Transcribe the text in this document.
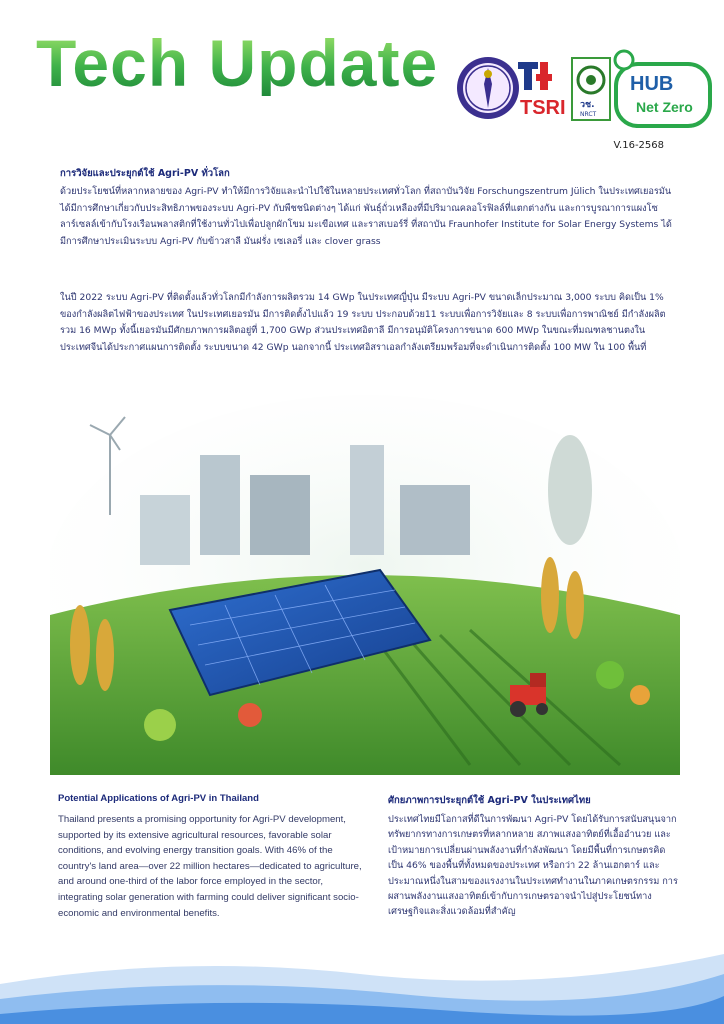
Tech Update
TSRI วช.
NRCT
HUB
Net Zero
V.16-2568
การวิจัยและประยุกต์ใช้ Agri-PV ทั่วโลก
ด้วยประโยชน์ที่หลากหลายของ Agri-PV ทำให้มีการวิจัยและนำไปใช้ในหลายประเทศทั่วโลก ที่สถาบันวิจัย Forschungszentrum Jülich ในประเทศเยอรมัน ได้มีการศึกษาเกี่ยวกับประสิทธิภาพของระบบ Agri-PV กับพืชชนิดต่างๆ ได้แก่ พันธุ์ถั่วเหลืองที่มีปริมาณคลอโรฟิลล์ที่แตกต่างกัน และการบูรณาการแผงโซลาร์เซลล์เข้ากับโรงเรือนพลาสติกที่ใช้งานทั่วไปเพื่อปลูกผักโขม มะเขือเทศ และราสเบอร์รี่ ที่สถาบัน Fraunhofer Institute for Solar Energy Systems ได้มีการศึกษาประเมินระบบ Agri-PV กับข้าวสาลี มันฝรั่ง เซเลอรี่ และ clover grass
ในปี 2022 ระบบ Agri-PV ที่ติดตั้งแล้วทั่วโลกมีกำลังการผลิตรวม 14 GWp ในประเทศญี่ปุ่น มีระบบ Agri-PV ขนาดเล็กประมาณ 3,000 ระบบ คิดเป็น 1% ของกำลังผลิตไฟฟ้าของประเทศ ในประเทศเยอรมัน มีการติดตั้งไปแล้ว 19 ระบบ ประกอบด้วย11 ระบบเพื่อการวิจัยและ 8 ระบบเพื่อการพาณิชย์ มีกำลังผลิตรวม 16 MWp ทั้งนี้เยอรมันมีศักยภาพการผลิตอยู่ที่ 1,700 GWp ส่วนประเทศอิตาลี มีการอนุมัติโครงการขนาด 600 MWp ในขณะที่มณฑลชานตงในประเทศจีนได้ประกาศแผนการติดตั้ง ระบบขนาด 42 GWp นอกจากนี้ ประเทศอิสราเอลกำลังเตรียมพร้อมที่จะดำเนินการติดตั้ง 100 MW ใน 100 พื้นที่
Potential Applications of Agri-PV in Thailand
Thailand presents a promising opportunity for Agri-PV development, supported by its extensive agricultural resources, favorable solar conditions, and evolving energy transition goals. With 46% of the country's land area—over 22 million hectares—dedicated to agriculture, and around one-third of the labor force employed in the sector, integrating solar generation with farming could deliver significant socio-economic and environmental benefits.
ศักยภาพการประยุกต์ใช้ Agri-PV ในประเทศไทย
ประเทศไทยมีโอกาสที่ดีในการพัฒนา Agri-PV โดยได้รับการสนับสนุนจากทรัพยากรทางการเกษตรที่หลากหลาย สภาพแสงอาทิตย์ที่เอื้ออำนวย และเป้าหมายการเปลี่ยนผ่านพลังงานที่กำลังพัฒนา โดยมีพื้นที่การเกษตรคิดเป็น 46% ของพื้นที่ทั้งหมดของประเทศ หรือกว่า 22 ล้านเฮกตาร์ และประมาณหนึ่งในสามของแรงงานในประเทศทำงานในภาคเกษตรกรรม การผสานพลังงานแสงอาทิตย์เข้ากับการเกษตรอาจนำไปสู่ประโยชน์ทางเศรษฐกิจและสิ่งแวดล้อมที่สำคัญ
